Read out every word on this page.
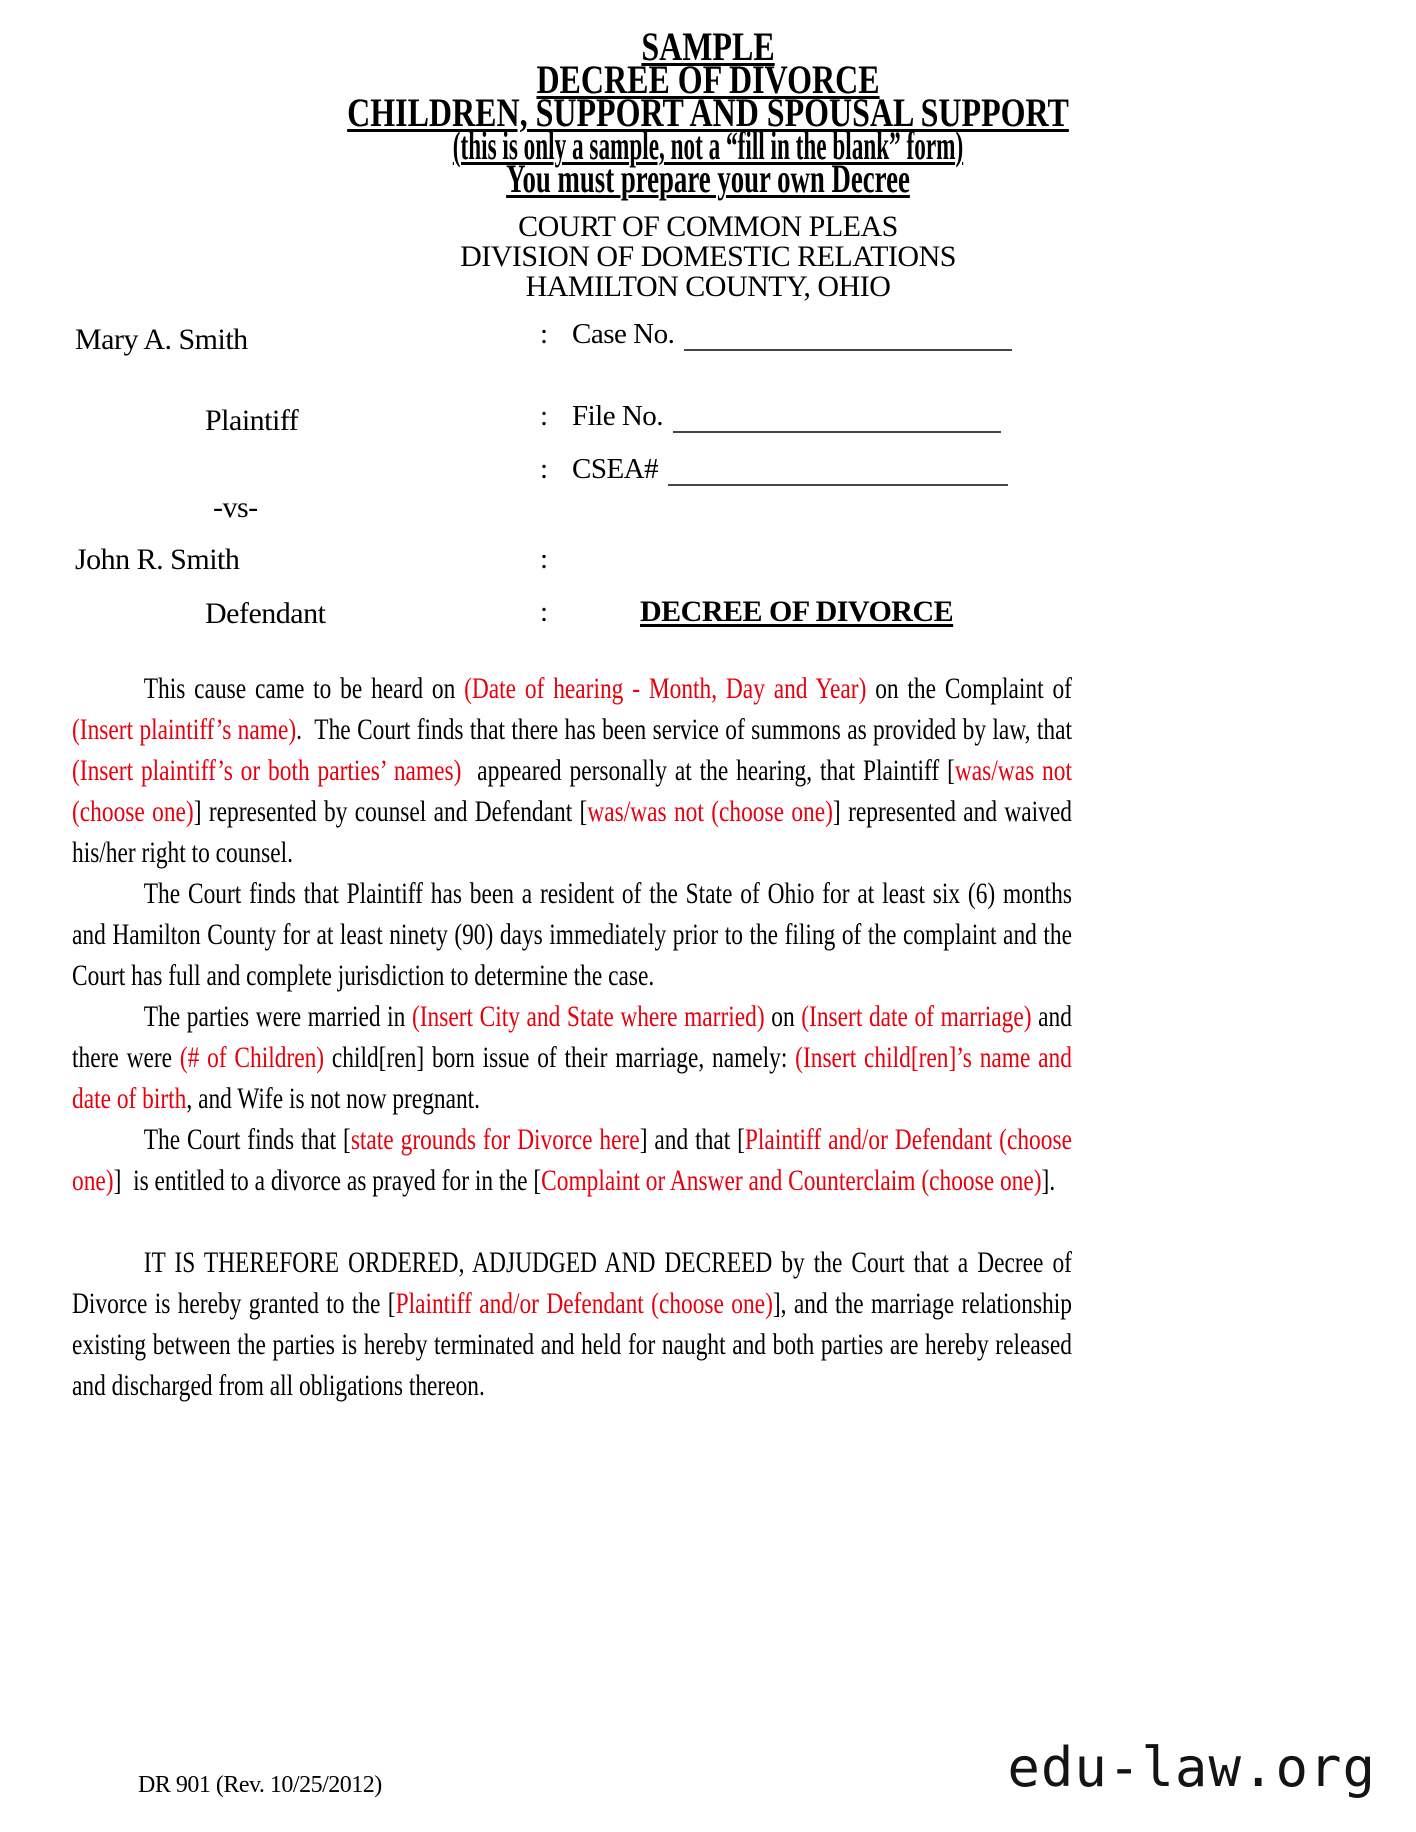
SAMPLE
DECREE OF DIVORCE
CHILDREN, SUPPORT AND SPOUSAL SUPPORT
(this is only a sample, not a “fill in the blank” form)
You must prepare your own Decree
COURT OF COMMON PLEAS
DIVISION OF DOMESTIC RELATIONS
HAMILTON COUNTY, OHIO
Mary A. Smith
Plaintiff
-vs-
John R. Smith
Defendant
: Case No.
: File No.
: CSEA#
:
:	DECREE OF DIVORCE

This cause came to be heard on (Date of hearing - Month, Day and Year) on the Complaint of (Insert plaintiff’s name).  The Court finds that there has been service of summons as provided by law, that (Insert plaintiff’s or both parties’ names)  appeared personally at the hearing, that Plaintiff [was/was not (choose one)] represented by counsel and Defendant [was/was not (choose one)] represented and waived his/her right to counsel.

The Court finds that Plaintiff has been a resident of the State of Ohio for at least six (6) months and Hamilton County for at least ninety (90) days immediately prior to the filing of the complaint and the Court has full and complete jurisdiction to determine the case.

The parties were married in (Insert City and State where married) on (Insert date of marriage) and there were (# of Children) child[ren] born issue of their marriage, namely: (Insert child[ren]’s name and date of birth, and Wife is not now pregnant.

The Court finds that [state grounds for Divorce here] and that [Plaintiff and/or Defendant (choose one)]  is entitled to a divorce as prayed for in the [Complaint or Answer and Counterclaim (choose one)].

IT IS THEREFORE ORDERED, ADJUDGED AND DECREED by the Court that a Decree of Divorce is hereby granted to the [Plaintiff and/or Defendant (choose one)], and the marriage relationship existing between the parties is hereby terminated and held for naught and both parties are hereby released and discharged from all obligations thereon.

DR 901 (Rev. 10/25/2012)	edu-law.org
